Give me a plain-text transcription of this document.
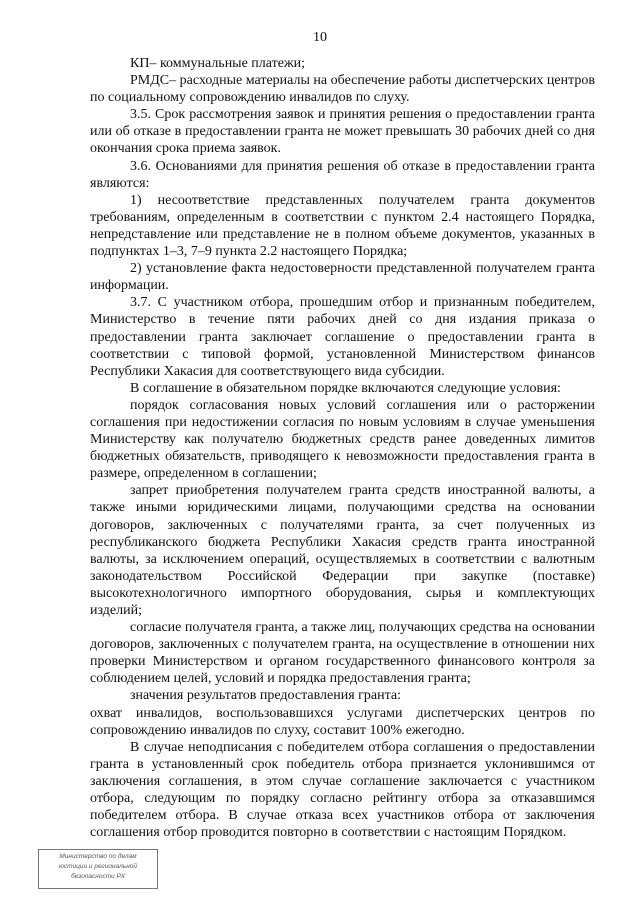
10

КП– коммунальные платежи;

РМДС– расходные материалы на обеспечение работы диспетчерских центров по социальному сопровождению инвалидов по слуху.

3.5. Срок рассмотрения заявок и принятия решения о предоставлении гранта или об отказе в предоставлении гранта не может превышать 30 рабочих дней со дня окончания срока приема заявок.

3.6. Основаниями для принятия решения об отказе в предоставлении гранта являются:

1) несоответствие представленных получателем гранта документов требованиям, определенным в соответствии с пунктом 2.4 настоящего Порядка, непредставление или представление не в полном объеме документов, указанных в подпунктах 1–3, 7–9 пункта 2.2 настоящего Порядка;

2) установление факта недостоверности представленной получателем гранта информации.

3.7. С участником отбора, прошедшим отбор и признанным победителем, Министерство в течение пяти рабочих дней со дня издания приказа о предоставлении гранта заключает соглашение о предоставлении гранта в соответствии с типовой формой, установленной Министерством финансов Республики Хакасия для соответствующего вида субсидии.

В соглашение в обязательном порядке включаются следующие условия:

порядок согласования новых условий соглашения или о расторжении соглашения при недостижении согласия по новым условиям в случае уменьшения Министерству как получателю бюджетных средств ранее доведенных лимитов бюджетных обязательств, приводящего к невозможности предоставления гранта в размере, определенном в соглашении;

запрет приобретения получателем гранта средств иностранной валюты, а также иными юридическими лицами, получающими средства на основании договоров, заключенных с получателями гранта, за счет полученных из республиканского бюджета Республики Хакасия средств гранта иностранной валюты, за исключением операций, осуществляемых в соответствии с валютным законодательством Российской Федерации при закупке (поставке) высокотехнологичного импортного оборудования, сырья и комплектующих изделий;

согласие получателя гранта, а также лиц, получающих средства на основании договоров, заключенных с получателем гранта, на осуществление в отношении них проверки Министерством и органом государственного финансового контроля за соблюдением целей, условий и порядка предоставления гранта;

значения результатов предоставления гранта:

охват инвалидов, воспользовавшихся услугами диспетчерских центров по сопровождению инвалидов по слуху, составит 100% ежегодно.

В случае неподписания с победителем отбора соглашения о предоставлении гранта в установленный срок победитель отбора признается уклонившимся от заключения соглашения, в этом случае соглашение заключается с участником отбора, следующим по порядку согласно рейтингу отбора за отказавшимся победителем отбора. В случае отказа всех участников отбора от заключения соглашения отбор проводится повторно в соответствии с настоящим Порядком.

Министерство по делам
юстиции и региональной
безопасности РХ
